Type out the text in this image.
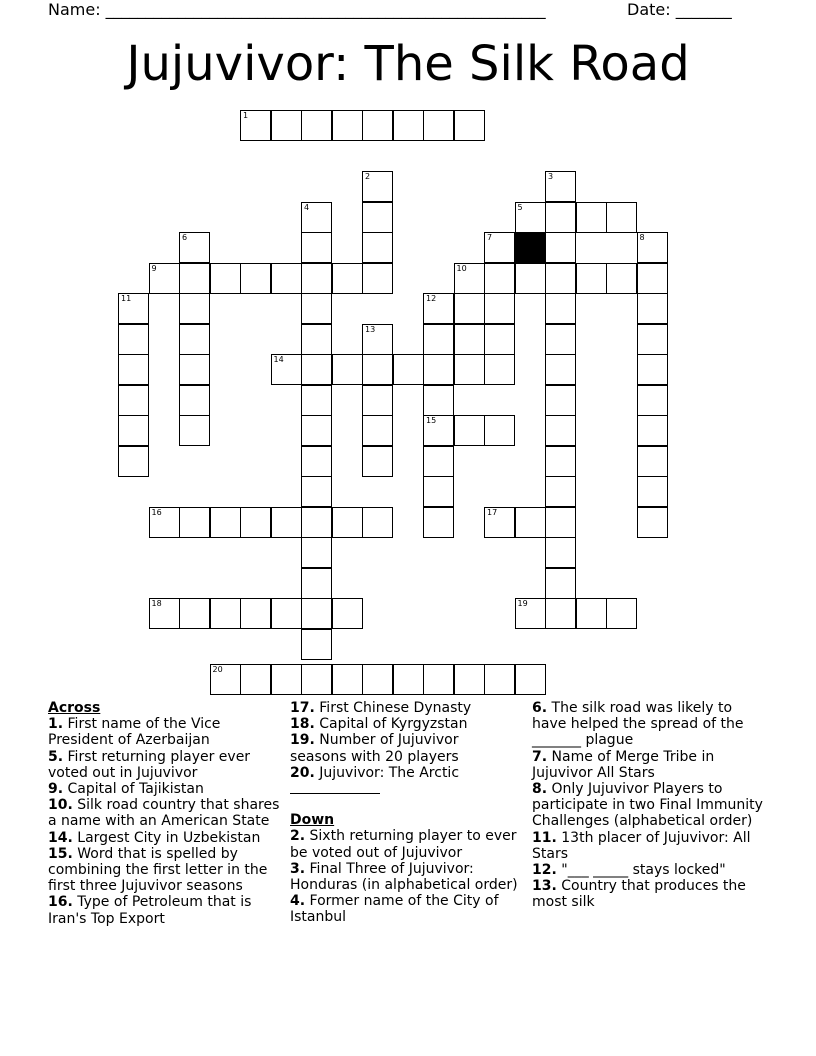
Name: _______________________________________________________	Date: _______
Jujuvivor: The Silk Road
1
2	3
4	5
6	7	8
9	10
11	12
15
13
14
16	17
18	19
20

Across

1. First name of the Vice President of Azerbaijan

5. First returning player ever voted out in Jujuvivor

9. Capital of Tajikistan

10. Silk road country that shares a name with an American State

14. Largest City in Uzbekistan

15. Word that is spelled by combining the first letter in the first three Jujuvivor seasons

16. Type of Petroleum that is Iran's Top Export

17. First Chinese Dynasty

18. Capital of Kyrgyzstan

19. Number of Jujuvivor seasons with 20 players

20. Jujuvivor: The Arctic

Down

2. Sixth returning player to ever be voted out of Jujuvivor

3. Final Three of Jujuvivor: Honduras (in alphabetical order)

4. Former name of the City of Istanbul

6. The silk road was likely to have helped the spread of the _______ plague

7. Name of Merge Tribe in Jujuvivor All Stars

8. Only Jujuvivor Players to participate in two Final Immunity Challenges (alphabetical order)

11. 13th placer of Jujuvivor: All Stars

12. "___ _____ stays locked"

13. Country that produces the most silk
